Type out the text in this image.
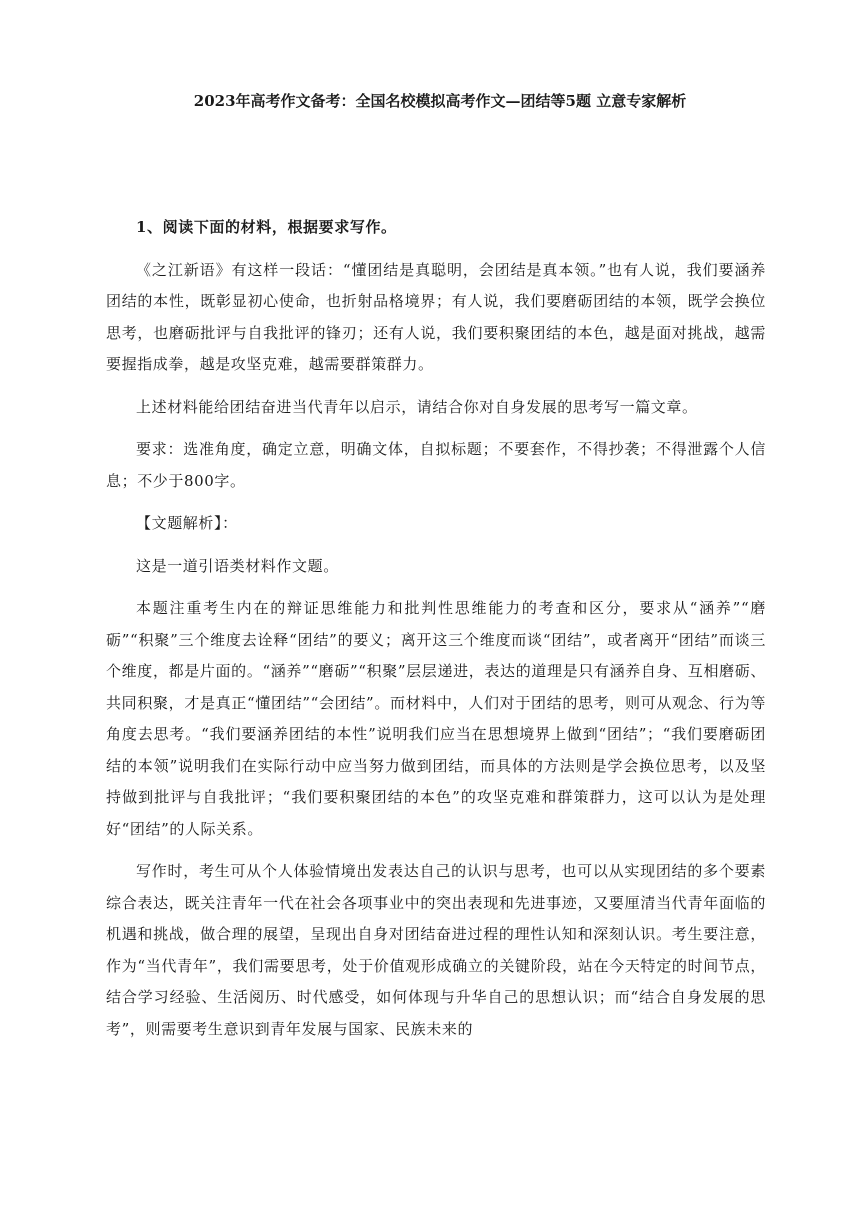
2023年高考作文备考：全国名校模拟高考作文—团结等5题 立意专家解析

1、阅读下面的材料，根据要求写作。

《之江新语》有这样一段话：“懂团结是真聪明，会团结是真本领。”也有人说，我们要涵养团结的本性，既彰显初心使命，也折射品格境界；有人说，我们要磨砺团结的本领，既学会换位思考，也磨砺批评与自我批评的锋刃；还有人说，我们要积聚团结的本色，越是面对挑战，越需要握指成拳，越是攻坚克难，越需要群策群力。

上述材料能给团结奋进当代青年以启示，请结合你对自身发展的思考写一篇文章。

要求：选准角度，确定立意，明确文体，自拟标题；不要套作，不得抄袭；不得泄露个人信息；不少于800字。

【文题解析】：

这是一道引语类材料作文题。

本题注重考生内在的辩证思维能力和批判性思维能力的考查和区分，要求从“涵养”“磨砺”“积聚”三个维度去诠释“团结”的要义；离开这三个维度而谈“团结”，或者离开“团结”而谈三个维度，都是片面的。“涵养”“磨砺”“积聚”层层递进，表达的道理是只有涵养自身、互相磨砺、共同积聚，才是真正“懂团结”“会团结”。而材料中，人们对于团结的思考，则可从观念、行为等角度去思考。“我们要涵养团结的本性”说明我们应当在思想境界上做到“团结”；“我们要磨砺团结的本领”说明我们在实际行动中应当努力做到团结，而具体的方法则是学会换位思考，以及坚持做到批评与自我批评；“我们要积聚团结的本色”的攻坚克难和群策群力，这可以认为是处理好“团结”的人际关系。

写作时，考生可从个人体验情境出发表达自己的认识与思考，也可以从实现团结的多个要素综合表达，既关注青年一代在社会各项事业中的突出表现和先进事迹，又要厘清当代青年面临的机遇和挑战，做合理的展望，呈现出自身对团结奋进过程的理性认知和深刻认识。考生要注意，作为“当代青年”，我们需要思考，处于价值观形成确立的关键阶段，站在今天特定的时间节点，结合学习经验、生活阅历、时代感受，如何体现与升华自己的思想认识；而“结合自身发展的思考”，则需要考生意识到青年发展与国家、民族未来的
